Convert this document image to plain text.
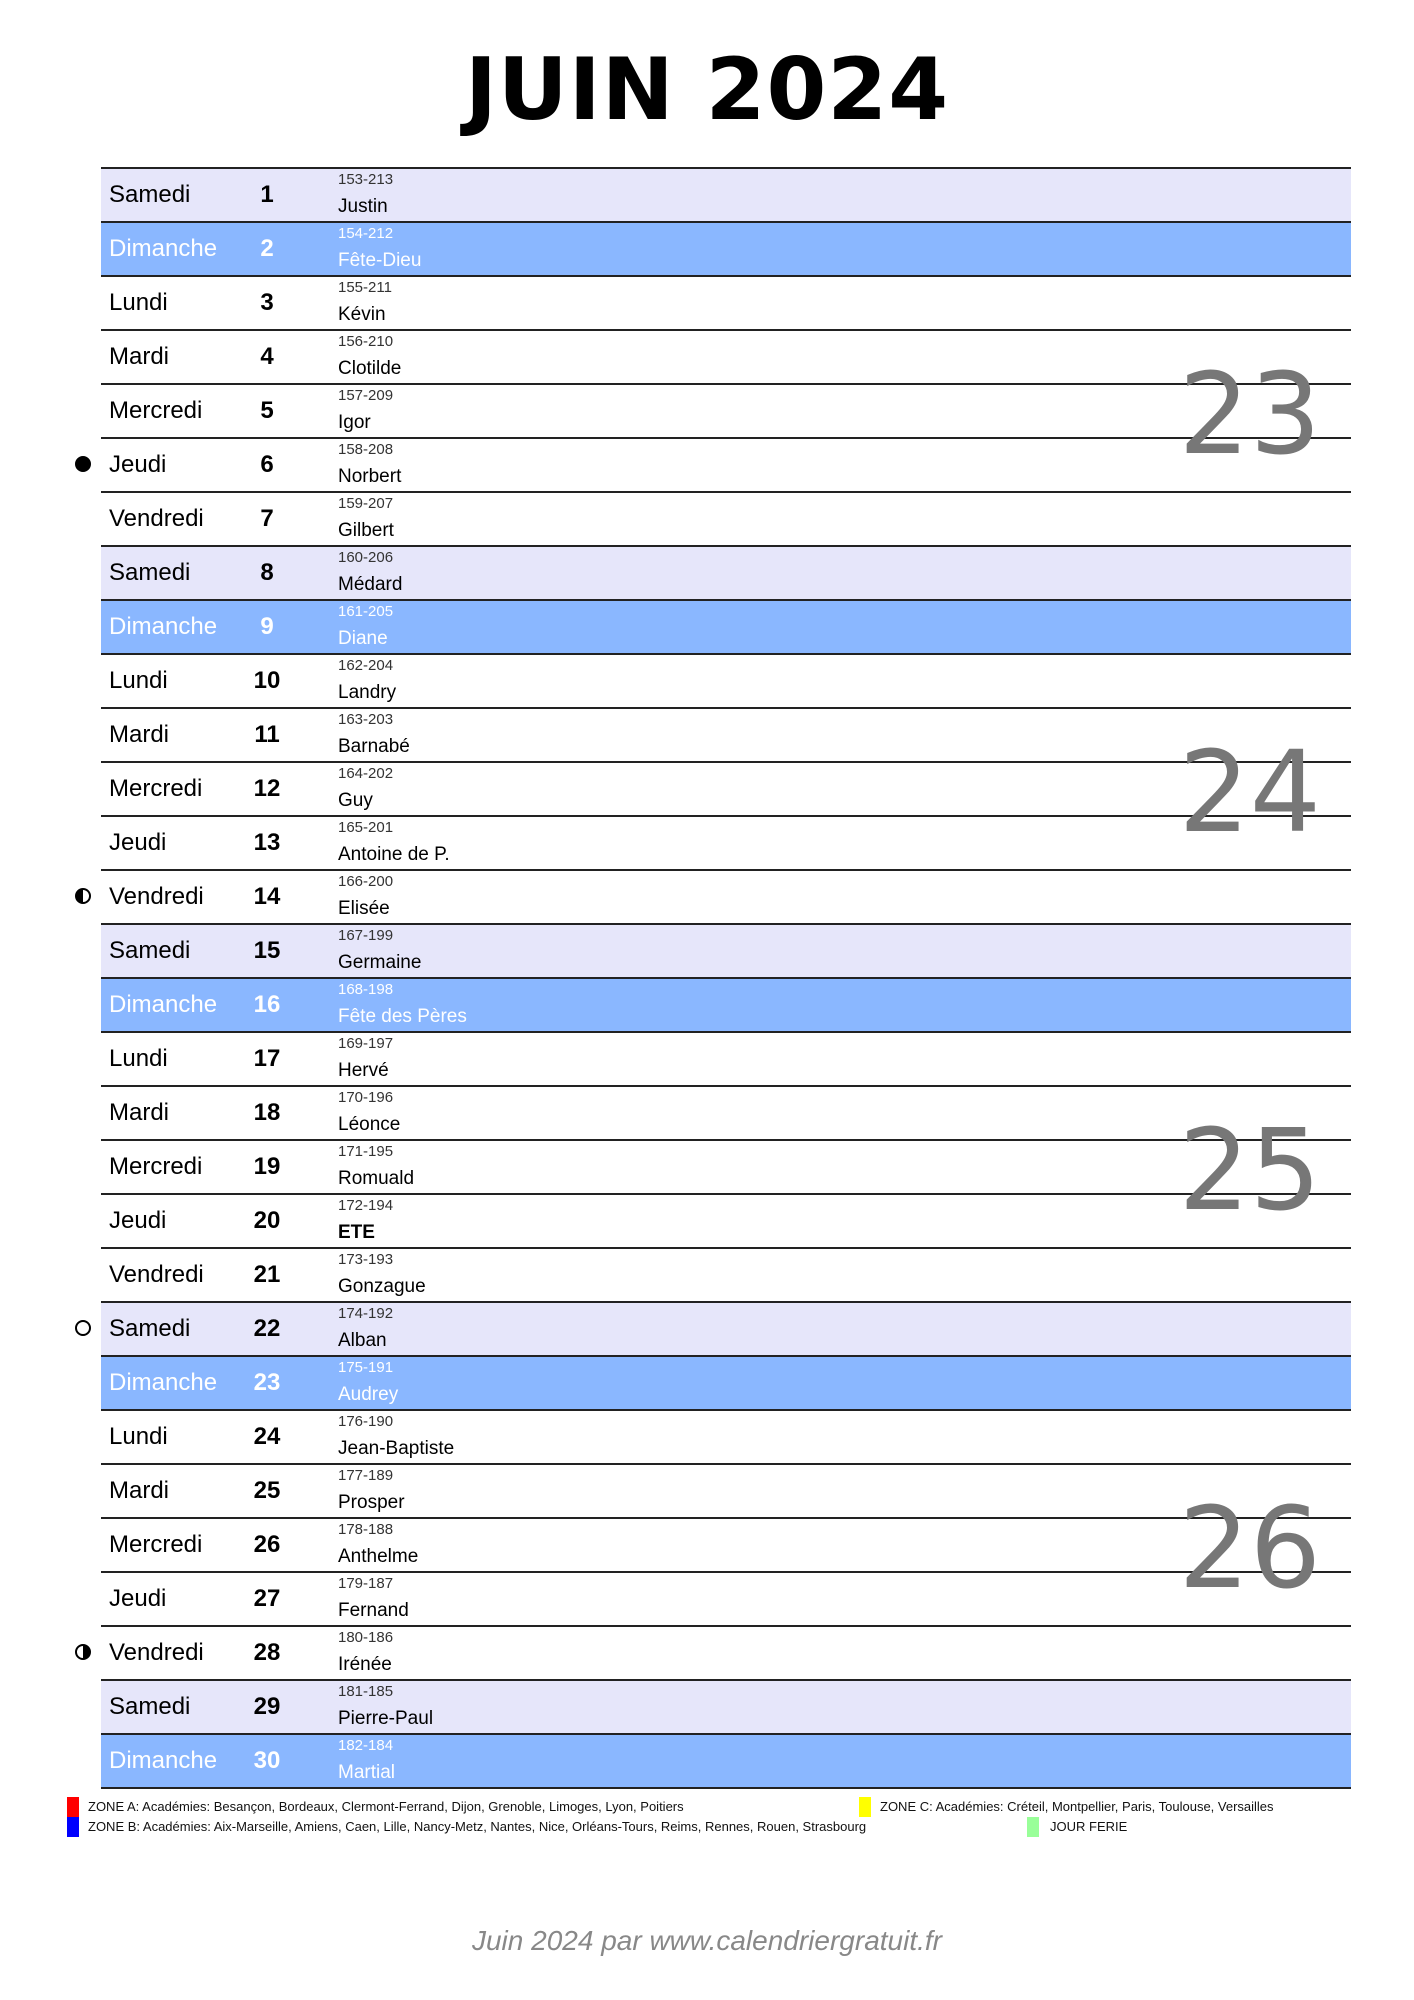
JUIN 2024
Samedi	1
153-213
Justin
Dimanche	2
154-212
Fête-Dieu
Lundi	3
155-211
Kévin
Mardi	4
156-210
Clotilde
Mercredi	5
157-209
Igor
Jeudi	6
158-208
Norbert
Vendredi	7
159-207
Gilbert
Samedi	8
160-206
Médard
Dimanche	9
161-205
Diane
Lundi	10
162-204
Landry
Mardi	11
163-203
Barnabé
Mercredi	12
164-202
Guy
Jeudi	13
165-201
Antoine de P.
Vendredi	14
166-200
Elisée
Samedi	15
167-199
Germaine
Dimanche	16
168-198
Fête des Pères
Lundi	17
169-197
Hervé
Mardi	18
170-196
Léonce
Mercredi	19
171-195
Romuald
Jeudi	20
172-194
ETE
Vendredi	21
173-193
Gonzague
Samedi	22
174-192
Alban
Dimanche	23
175-191
Audrey
Lundi	24
176-190
Jean-Baptiste
Mardi	25
177-189
Prosper
Mercredi	26
178-188
Anthelme
Jeudi	27
179-187
Fernand
Vendredi	28
180-186
Irénée
Samedi	29
181-185
Pierre-Paul
Dimanche	30
182-184
Martial
23
24
25
26
ZONE A: Académies: Besançon, Bordeaux, Clermont-Ferrand, Dijon, Grenoble, Limoges, Lyon, Poitiers
ZONE B: Académies: Aix-Marseille, Amiens, Caen, Lille, Nancy-Metz, Nantes, Nice, Orléans-Tours, Reims, Rennes, Rouen, Strasbourg
ZONE C: Académies: Créteil, Montpellier, Paris, Toulouse, Versailles
JOUR FERIE
Juin 2024 par www.calendriergratuit.fr
